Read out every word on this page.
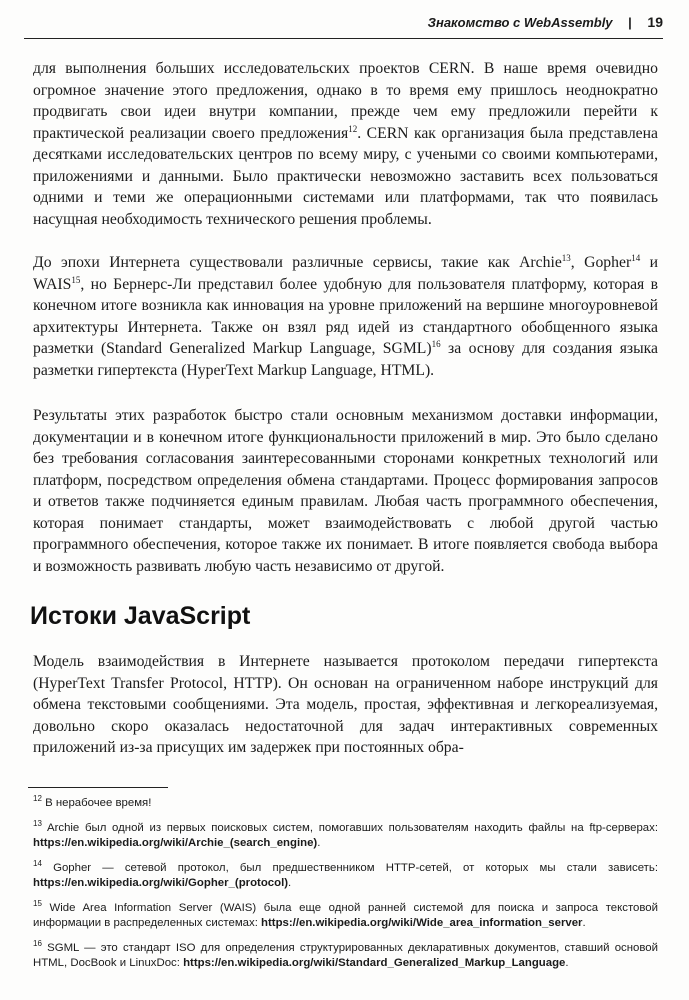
Знакомство с WebAssembly | 19

для выполнения больших исследовательских проектов CERN. В наше время очевидно огромное значение этого предложения, однако в то время ему пришлось неоднократно продвигать свои идеи внутри компании, прежде чем ему предложили перейти к практической реализации своего предложения$^{12}$. CERN как организация была представлена десятками исследовательских центров по всему миру, с учеными со своими компьютерами, приложениями и данными. Было практически невозможно заставить всех пользоваться одними и теми же операционными системами или платформами, так что появилась насущная необходимость технического решения проблемы.

До эпохи Интернета существовали различные сервисы, такие как Archie$^{13}$, Gopher$^{14}$ и WAIS$^{15}$, но Бернерс-Ли представил более удобную для пользователя платформу, которая в конечном итоге возникла как инновация на уровне приложений на вершине многоуровневой архитектуры Интернета. Также он взял ряд идей из стандартного обобщенного языка разметки (Standard Generalized Markup Language, SGML)$^{16}$ за основу для создания языка разметки гипертекста (HyperText Markup Language, HTML).

Результаты этих разработок быстро стали основным механизмом доставки информации, документации и в конечном итоге функциональности приложений в мир. Это было сделано без требования согласования заинтересованными сторонами конкретных технологий или платформ, посредством определения обмена стандартами. Процесс формирования запросов и ответов также подчиняется единым правилам. Любая часть программного обеспечения, которая понимает стандарты, может взаимодействовать с любой другой частью программного обеспечения, которое также их понимает. В итоге появляется свобода выбора и возможность развивать любую часть независимо от другой.

Истоки JavaScript

Модель взаимодействия в Интернете называется протоколом передачи гипертекста (HyperText Transfer Protocol, HTTP). Он основан на ограниченном наборе инструкций для обмена текстовыми сообщениями. Эта модель, простая, эффективная и легкореализуемая, довольно скоро оказалась недостаточной для задач интерактивных современных приложений из-за присущих им задержек при постоянных обра-

$^{12}$ В нерабочее время!
$^{13}$ Archie был одной из первых поисковых систем, помогавших пользователям находить файлы на ftp-серверах: https://en.wikipedia.org/wiki/Archie_(search_engine).
$^{14}$ Gopher — сетевой протокол, был предшественником HTTP-сетей, от которых мы стали зависеть: https://en.wikipedia.org/wiki/Gopher_(protocol).
$^{15}$ Wide Area Information Server (WAIS) была еще одной ранней системой для поиска и запроса текстовой информации в распределенных системах: https://en.wikipedia.org/wiki/Wide_area_information_server.
$^{16}$ SGML — это стандарт ISO для определения структурированных декларативных документов, ставший основой HTML, DocBook и LinuxDoc: https://en.wikipedia.org/wiki/Standard_Generalized_Markup_Language.
